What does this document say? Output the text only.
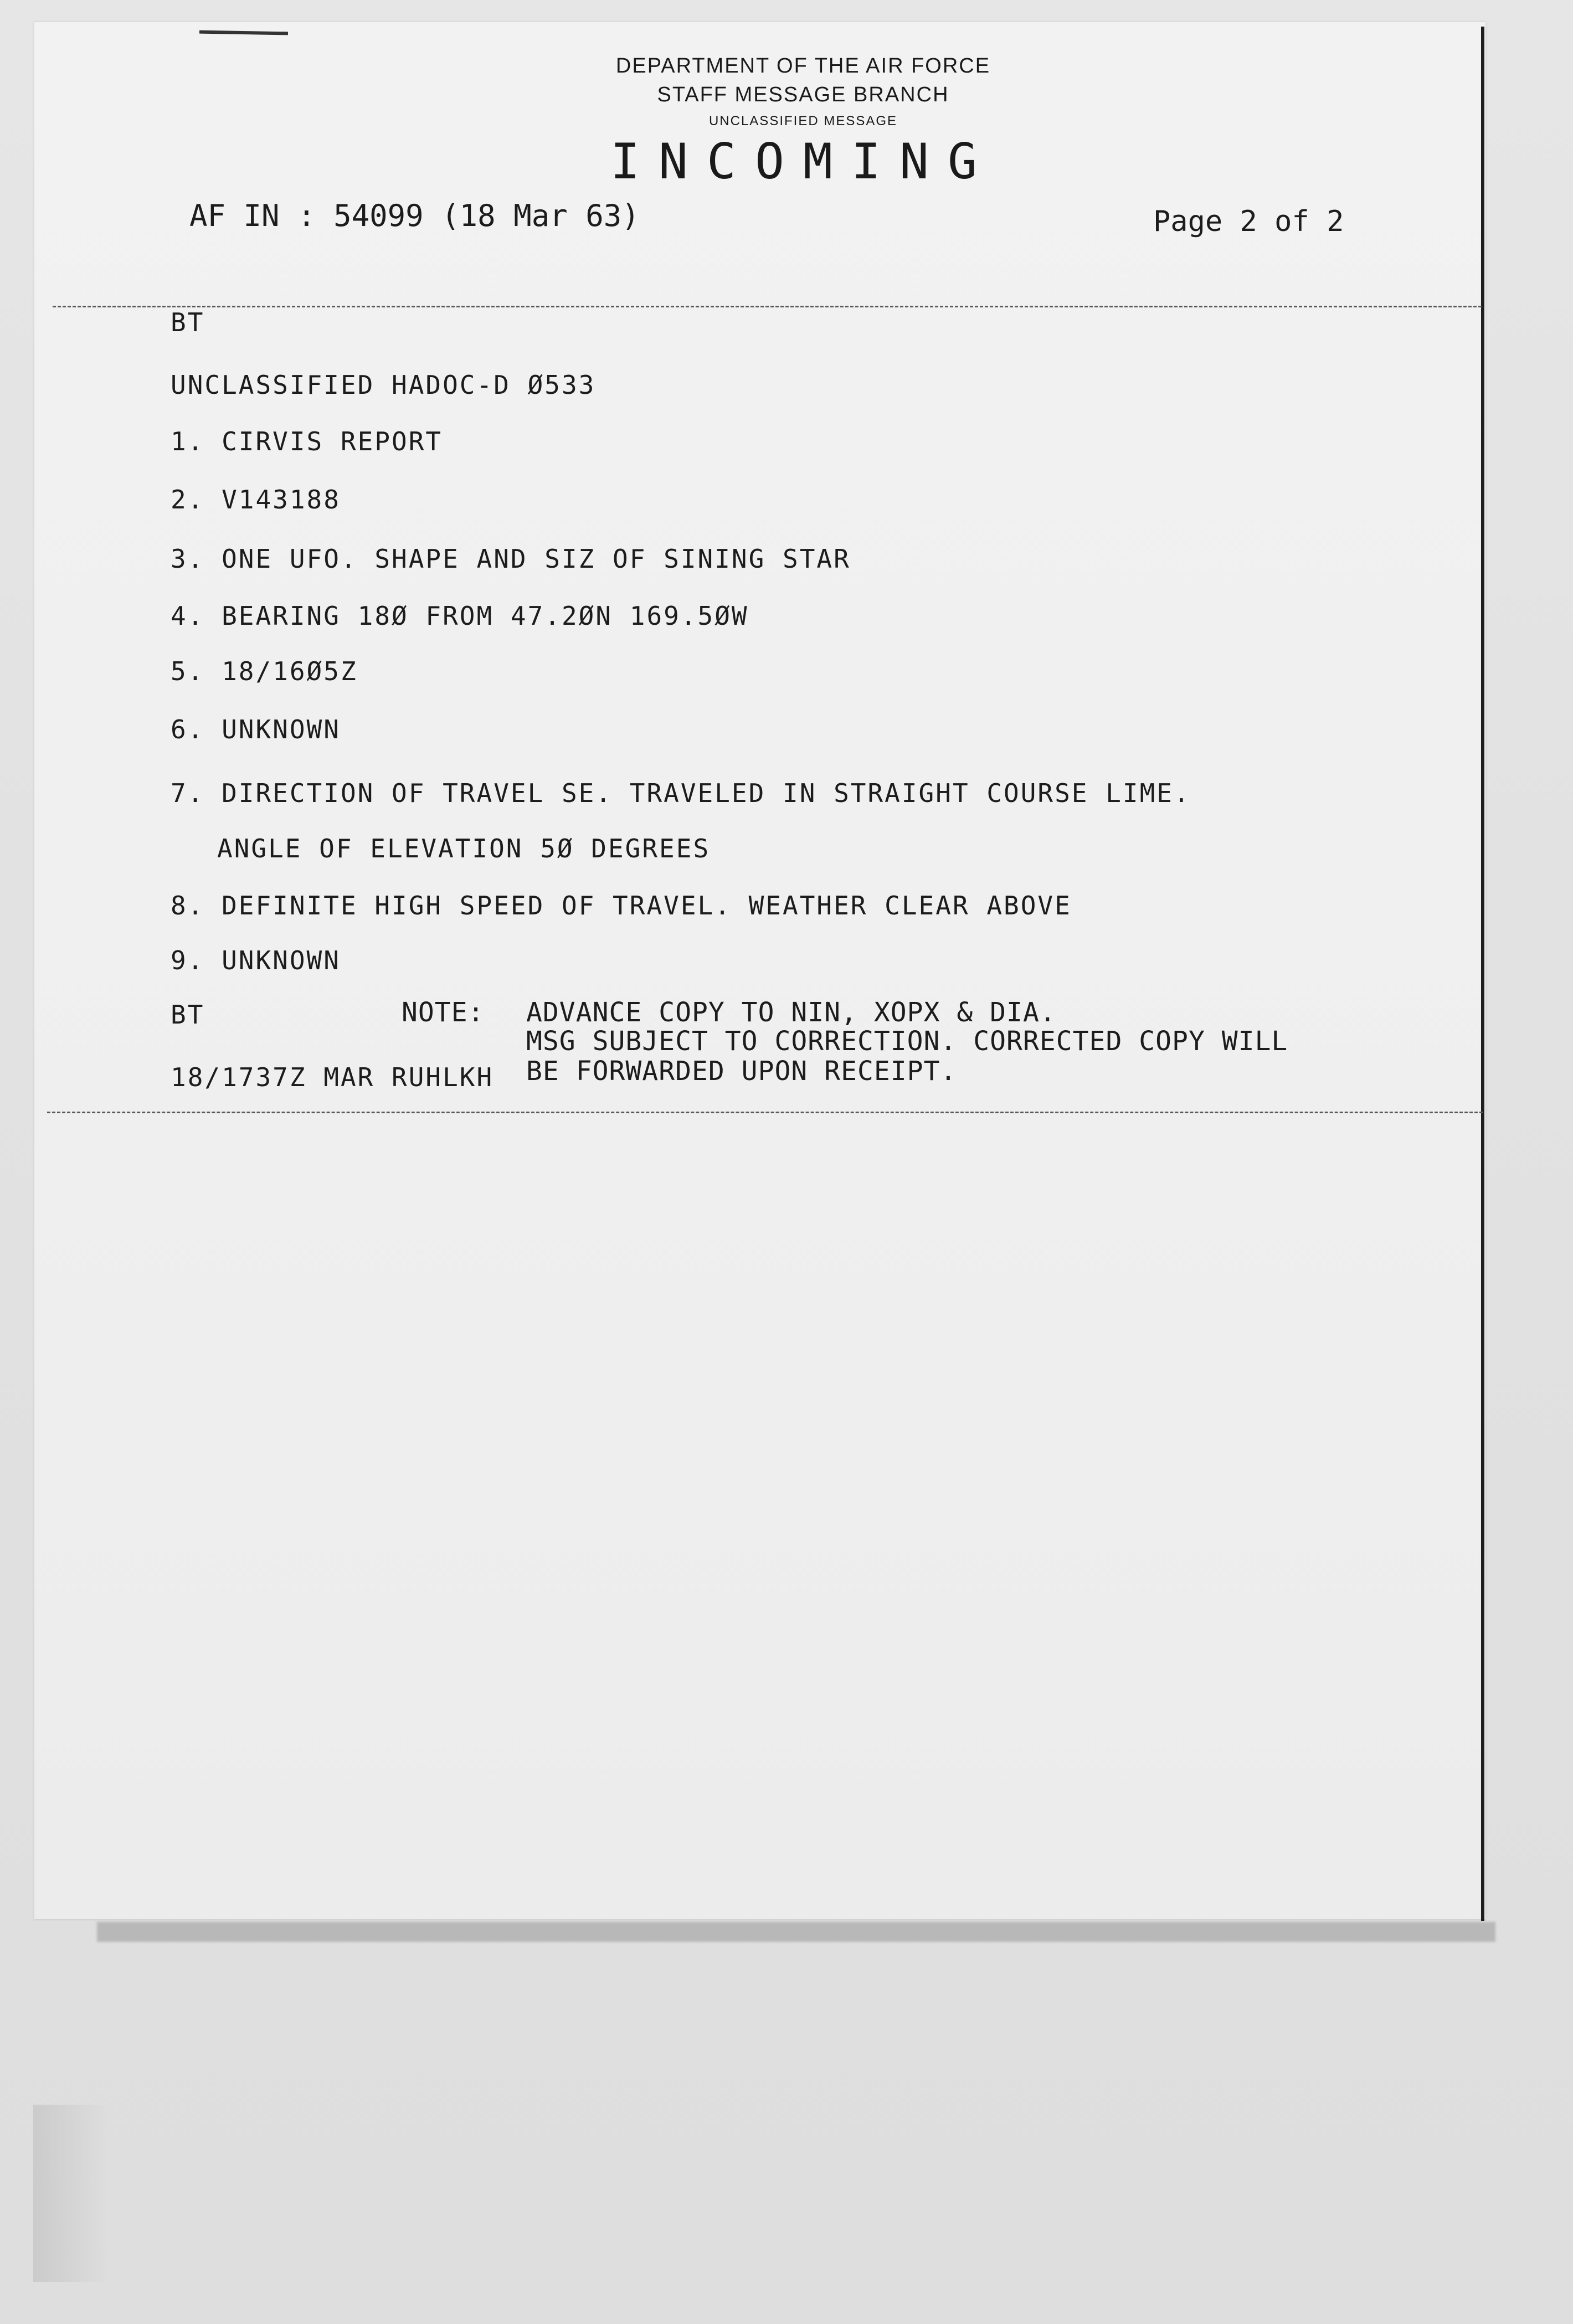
DEPARTMENT OF THE AIR FORCE
STAFF MESSAGE BRANCH
UNCLASSIFIED MESSAGE
INCOMING
AF IN : 54099 (18 Mar 63)	Page 2 of 2
BT
UNCLASSIFIED HADOC-D Ø533
1. CIRVIS REPORT
2. V143188
3. ONE UFO. SHAPE AND SIZ OF SINING STAR
4. BEARING 18Ø FROM 47.2ØN 169.5ØW
5. 18/16Ø5Z
6. UNKNOWN
7. DIRECTION OF TRAVEL SE. TRAVELED IN STRAIGHT COURSE LIME.
ANGLE OF ELEVATION 5Ø DEGREES
8. DEFINITE HIGH SPEED OF TRAVEL. WEATHER CLEAR ABOVE
9. UNKNOWN
BT
18/1737Z MAR RUHLKH
NOTE: ADVANCE COPY TO NIN, XOPX & DIA.
MSG SUBJECT TO CORRECTION. CORRECTED COPY WILL
BE FORWARDED UPON RECEIPT.
